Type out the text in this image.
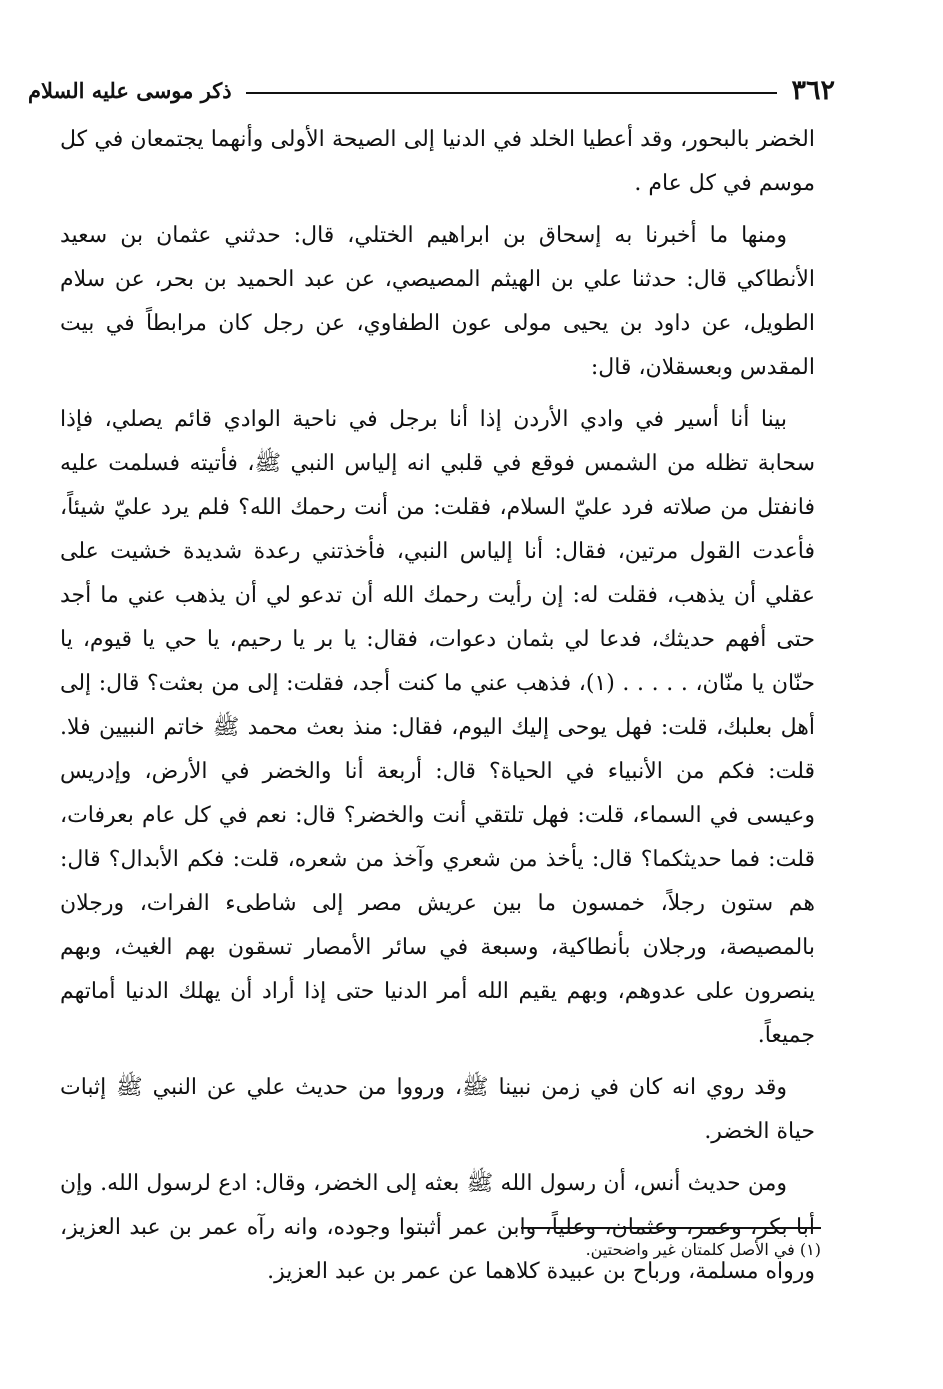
٣٦٢
ذكر موسى عليه السلام

الخضر بالبحور، وقد أعطيا الخلد في الدنيا إلى الصيحة الأولى وأنهما يجتمعان في كل موسم في كل عام .

ومنها ما أخبرنا به إسحاق بن ابراهيم الختلي، قال: حدثني عثمان بن سعيد الأنطاكي قال: حدثنا علي بن الهيثم المصيصي، عن عبد الحميد بن بحر، عن سلام الطويل، عن داود بن يحيى مولى عون الطفاوي، عن رجل كان مرابطاً في بيت المقدس وبعسقلان، قال:

بينا أنا أسير في وادي الأردن إذا أنا برجل في ناحية الوادي قائم يصلي، فإذا سحابة تظله من الشمس فوقع في قلبي انه إلياس النبي ﷺ، فأتيته فسلمت عليه فانفتل من صلاته فرد عليّ السلام، فقلت: من أنت رحمك الله؟ فلم يرد عليّ شيئاً، فأعدت القول مرتين، فقال: أنا إلياس النبي، فأخذتني رعدة شديدة خشيت على عقلي أن يذهب، فقلت له: إن رأيت رحمك الله أن تدعو لي أن يذهب عني ما أجد حتى أفهم حديثك، فدعا لي بثمان دعوات، فقال: يا بر يا رحيم، يا حي يا قيوم، يا حنّان يا منّان، . . . . . (١)، فذهب عني ما كنت أجد، فقلت: إلى من بعثت؟ قال: إلى أهل بعلبك، قلت: فهل يوحى إليك اليوم، فقال: منذ بعث محمد ﷺ خاتم النبيين فلا. قلت: فكم من الأنبياء في الحياة؟ قال: أربعة أنا والخضر في الأرض، وإدريس وعيسى في السماء، قلت: فهل تلتقي أنت والخضر؟ قال: نعم في كل عام بعرفات، قلت: فما حديثكما؟ قال: يأخذ من شعري وآخذ من شعره، قلت: فكم الأبدال؟ قال: هم ستون رجلاً، خمسون ما بين عريش مصر إلى شاطىء الفرات، ورجلان بالمصيصة، ورجلان بأنطاكية، وسبعة في سائر الأمصار تسقون بهم الغيث، وبهم ينصرون على عدوهم، وبهم يقيم الله أمر الدنيا حتى إذا أراد أن يهلك الدنيا أماتهم جميعاً.

وقد روي انه كان في زمن نبينا ﷺ، ورووا من حديث علي عن النبي ﷺ إثبات حياة الخضر.

ومن حديث أنس، أن رسول الله ﷺ بعثه إلى الخضر، وقال: ادع لرسول الله. وإن أبا بكر، وعمر، وعثمان، وعلياً، وابن عمر أثبتوا وجوده، وانه رآه عمر بن عبد العزيز، ورواه مسلمة، ورباح بن عبيدة كلاهما عن عمر بن عبد العزيز.

(١) في الأصل كلمتان غير واضحتين.
